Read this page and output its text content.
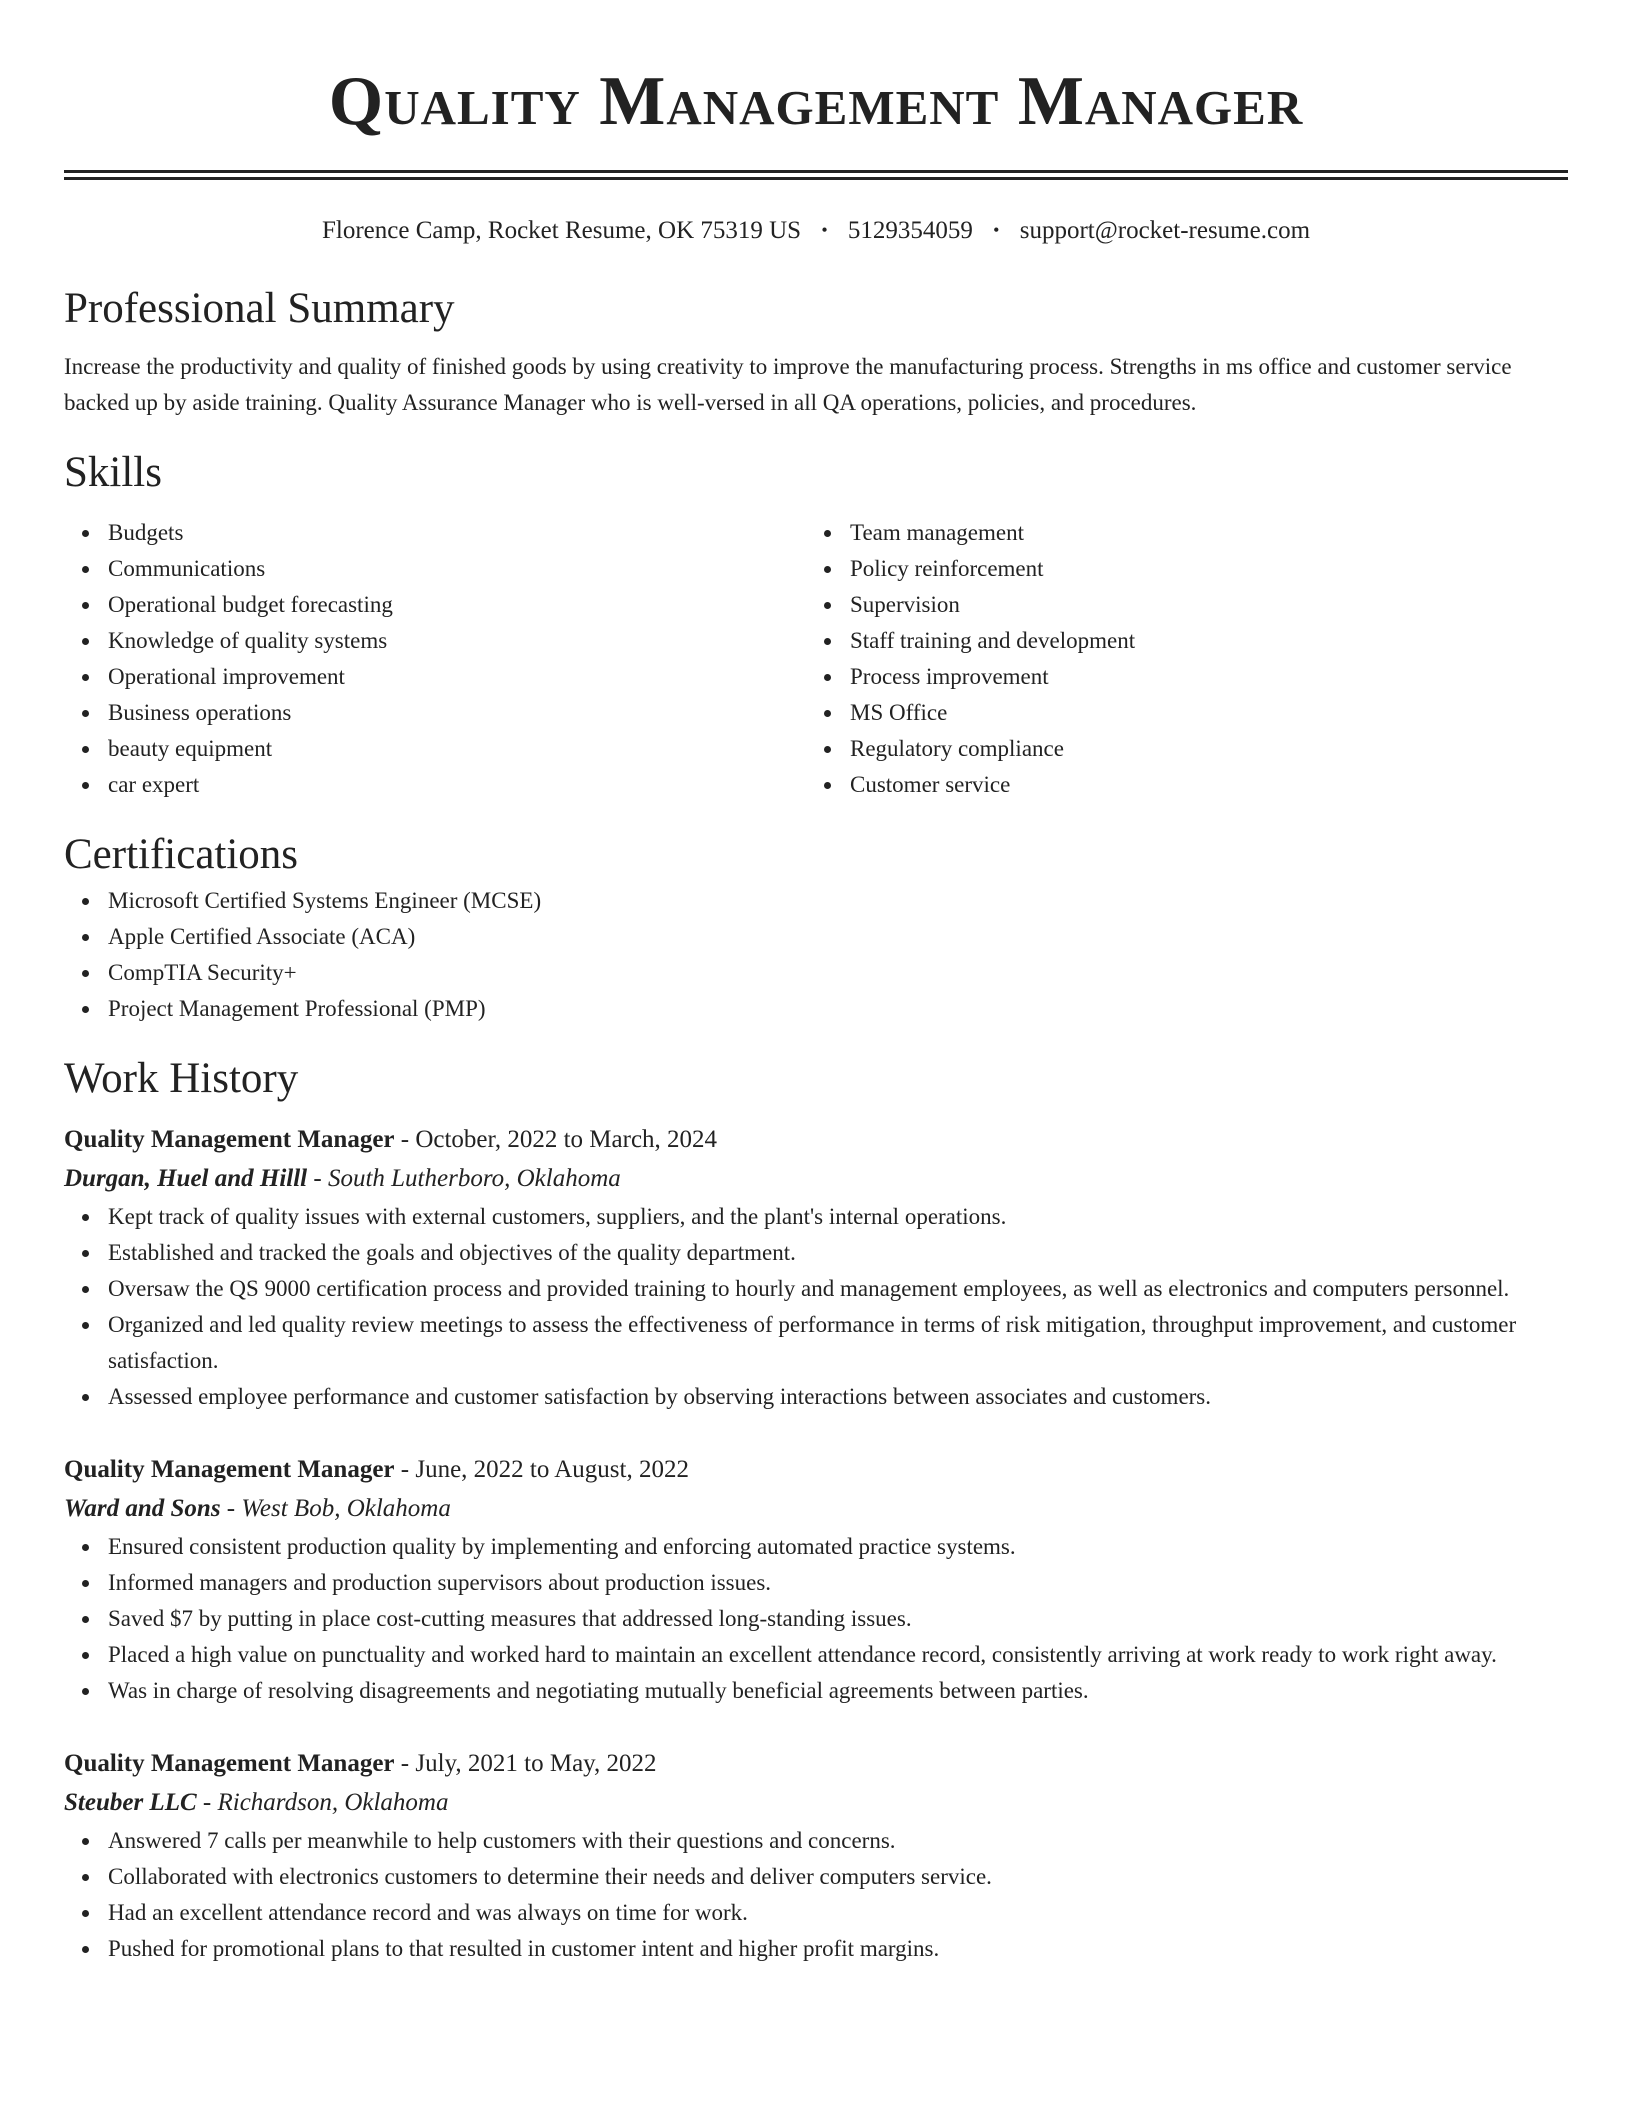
Quality Management Manager
Florence Camp, Rocket Resume, OK 75319 US • 5129354059 • support@rocket-resume.com
Professional Summary

Increase the productivity and quality of finished goods by using creativity to improve the manufacturing process. Strengths in ms office and customer service backed up by aside training. Quality Assurance Manager who is well-versed in all QA operations, policies, and procedures.

Skills
Budgets
Communications
Operational budget forecasting
Knowledge of quality systems
Operational improvement
Business operations
beauty equipment
car expert
Team management
Policy reinforcement
Supervision
Staff training and development
Process improvement
MS Office
Regulatory compliance
Customer service
Certifications
Microsoft Certified Systems Engineer (MCSE)
Apple Certified Associate (ACA)
CompTIA Security+
Project Management Professional (PMP)
Work History
Quality Management Manager - October, 2022 to March, 2024
Durgan, Huel and Hilll - South Lutherboro, Oklahoma
Kept track of quality issues with external customers, suppliers, and the plant's internal operations.
Established and tracked the goals and objectives of the quality department.
Oversaw the QS 9000 certification process and provided training to hourly and management employees, as well as electronics and computers personnel.
Organized and led quality review meetings to assess the effectiveness of performance in terms of risk mitigation, throughput improvement, and customer satisfaction.
Assessed employee performance and customer satisfaction by observing interactions between associates and customers.
Quality Management Manager - June, 2022 to August, 2022
Ward and Sons - West Bob, Oklahoma
Ensured consistent production quality by implementing and enforcing automated practice systems.
Informed managers and production supervisors about production issues.
Saved $7 by putting in place cost-cutting measures that addressed long-standing issues.
Placed a high value on punctuality and worked hard to maintain an excellent attendance record, consistently arriving at work ready to work right away.
Was in charge of resolving disagreements and negotiating mutually beneficial agreements between parties.
Quality Management Manager - July, 2021 to May, 2022
Steuber LLC - Richardson, Oklahoma
Answered 7 calls per meanwhile to help customers with their questions and concerns.
Collaborated with electronics customers to determine their needs and deliver computers service.
Had an excellent attendance record and was always on time for work.
Pushed for promotional plans to that resulted in customer intent and higher profit margins.
